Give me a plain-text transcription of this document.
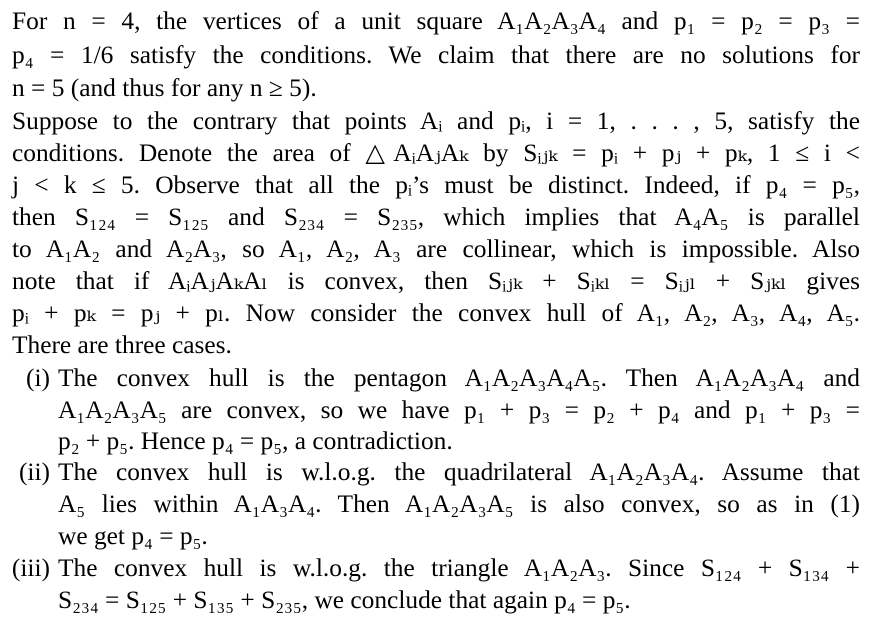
For n = 4, the vertices of a unit square A₁A₂A₃A₄ and p₁ = p₂ = p₃ =
p₄ = 1/6 satisfy the conditions. We claim that there are no solutions for
n = 5 (and thus for any n ≥ 5).
Suppose to the contrary that points Aᵢ and pᵢ, i = 1, . . . , 5, satisfy the
conditions. Denote the area of △AᵢAⱼAₖ by Sᵢⱼₖ = pᵢ + pⱼ + pₖ, 1 ≤ i <
j < k ≤ 5. Observe that all the pᵢ’s must be distinct. Indeed, if p₄ = p₅,
then S₁₂₄ = S₁₂₅ and S₂₃₄ = S₂₃₅, which implies that A₄A₅ is parallel
to A₁A₂ and A₂A₃, so A₁, A₂, A₃ are collinear, which is impossible. Also
note that if AᵢAⱼAₖAₗ is convex, then Sᵢⱼₖ + Sᵢₖₗ = Sᵢⱼₗ + Sⱼₖₗ gives
pᵢ + pₖ = pⱼ + pₗ. Now consider the convex hull of A₁, A₂, A₃, A₄, A₅.
There are three cases.
(i) The convex hull is the pentagon A₁A₂A₃A₄A₅. Then A₁A₂A₃A₄ and
A₁A₂A₃A₅ are convex, so we have p₁ + p₃ = p₂ + p₄ and p₁ + p₃ =
p₂ + p₅. Hence p₄ = p₅, a contradiction.
(ii) The convex hull is w.l.o.g. the quadrilateral A₁A₂A₃A₄. Assume that
A₅ lies within A₁A₃A₄. Then A₁A₂A₃A₅ is also convex, so as in (1)
we get p₄ = p₅.
(iii) The convex hull is w.l.o.g. the triangle A₁A₂A₃. Since S₁₂₄ + S₁₃₄ +
S₂₃₄ = S₁₂₅ + S₁₃₅ + S₂₃₅, we conclude that again p₄ = p₅.
